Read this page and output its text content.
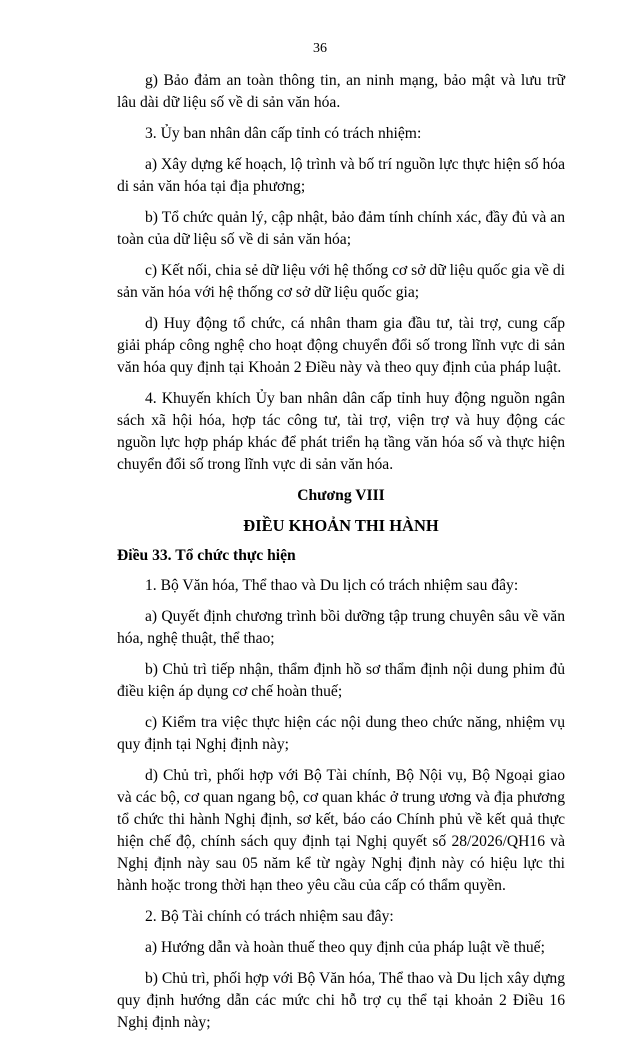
36

g) Bảo đảm an toàn thông tin, an ninh mạng, bảo mật và lưu trữ lâu dài dữ liệu số về di sản văn hóa.

3. Ủy ban nhân dân cấp tỉnh có trách nhiệm:

a) Xây dựng kế hoạch, lộ trình và bố trí nguồn lực thực hiện số hóa di sản văn hóa tại địa phương;

b) Tổ chức quản lý, cập nhật, bảo đảm tính chính xác, đầy đủ và an toàn của dữ liệu số về di sản văn hóa;

c) Kết nối, chia sẻ dữ liệu với hệ thống cơ sở dữ liệu quốc gia về di sản văn hóa với hệ thống cơ sở dữ liệu quốc gia;

d) Huy động tổ chức, cá nhân tham gia đầu tư, tài trợ, cung cấp giải pháp công nghệ cho hoạt động chuyển đổi số trong lĩnh vực di sản văn hóa quy định tại Khoản 2 Điều này và theo quy định của pháp luật.

4. Khuyến khích Ủy ban nhân dân cấp tỉnh huy động nguồn ngân sách xã hội hóa, hợp tác công tư, tài trợ, viện trợ và huy động các nguồn lực hợp pháp khác để phát triển hạ tầng văn hóa số và thực hiện chuyển đổi số trong lĩnh vực di sản văn hóa.

Chương VIII

ĐIỀU KHOẢN THI HÀNH

Điều 33. Tổ chức thực hiện

1. Bộ Văn hóa, Thể thao và Du lịch có trách nhiệm sau đây:

a) Quyết định chương trình bồi dưỡng tập trung chuyên sâu về văn hóa, nghệ thuật, thể thao;

b) Chủ trì tiếp nhận, thẩm định hồ sơ thẩm định nội dung phim đủ điều kiện áp dụng cơ chế hoàn thuế;

c) Kiểm tra việc thực hiện các nội dung theo chức năng, nhiệm vụ quy định tại Nghị định này;

d) Chủ trì, phối hợp với Bộ Tài chính, Bộ Nội vụ, Bộ Ngoại giao và các bộ, cơ quan ngang bộ, cơ quan khác ở trung ương và địa phương tổ chức thi hành Nghị định, sơ kết, báo cáo Chính phủ về kết quả thực hiện chế độ, chính sách quy định tại Nghị quyết số 28/2026/QH16 và Nghị định này sau 05 năm kể từ ngày Nghị định này có hiệu lực thi hành hoặc trong thời hạn theo yêu cầu của cấp có thẩm quyền.

2. Bộ Tài chính có trách nhiệm sau đây:

a) Hướng dẫn và hoàn thuế theo quy định của pháp luật về thuế;

b) Chủ trì, phối hợp với Bộ Văn hóa, Thể thao và Du lịch xây dựng quy định hướng dẫn các mức chi hỗ trợ cụ thể tại khoản 2 Điều 16 Nghị định này;
